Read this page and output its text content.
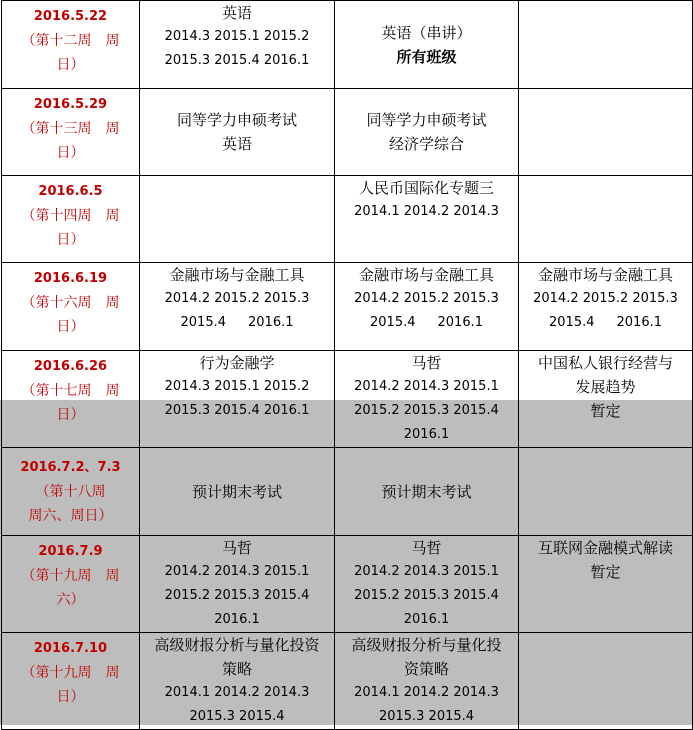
2016.5.22
（第十二周　周
日）	英语
2014.3 2015.1 2015.2
2015.3 2015.4 2016.1	英语（串讲）
所有班级	

2016.5.29
（第十三周　周
日）	同等学力申硕考试
英语	同等学力申硕考试
经济学综合	

2016.6.5
（第十四周　周
日）		人民币国际化专题三
2014.1 2014.2 2014.3	

2016.6.19
（第十六周　周
日）	金融市场与金融工具
2014.2 2015.2 2015.3
2015.4 2016.1	金融市场与金融工具
2014.2 2015.2 2015.3
2015.4 2016.1	金融市场与金融工具
2014.2 2015.2 2015.3
2015.4 2016.1

2016.6.26
（第十七周　周
日）	行为金融学
2014.3 2015.1 2015.2
2015.3 2015.4 2016.1	马哲
2014.2 2014.3 2015.1
2015.2 2015.3 2015.4
2016.1	中国私人银行经营与
发展趋势
暂定

2016.7.2、7.3
（第十八周
周六、周日）	预计期末考试	预计期末考试	

2016.7.9
（第十九周　周
六）	马哲
2014.2 2014.3 2015.1
2015.2 2015.3 2015.4
2016.1	马哲
2014.2 2014.3 2015.1
2015.2 2015.3 2015.4
2016.1	互联网金融模式解读
暂定

2016.7.10
（第十九周　周
日）	高级财报分析与量化投资
策略
2014.1 2014.2 2014.3
2015.3 2015.4	高级财报分析与量化投
资策略
2014.1 2014.2 2014.3
2015.3 2015.4	
